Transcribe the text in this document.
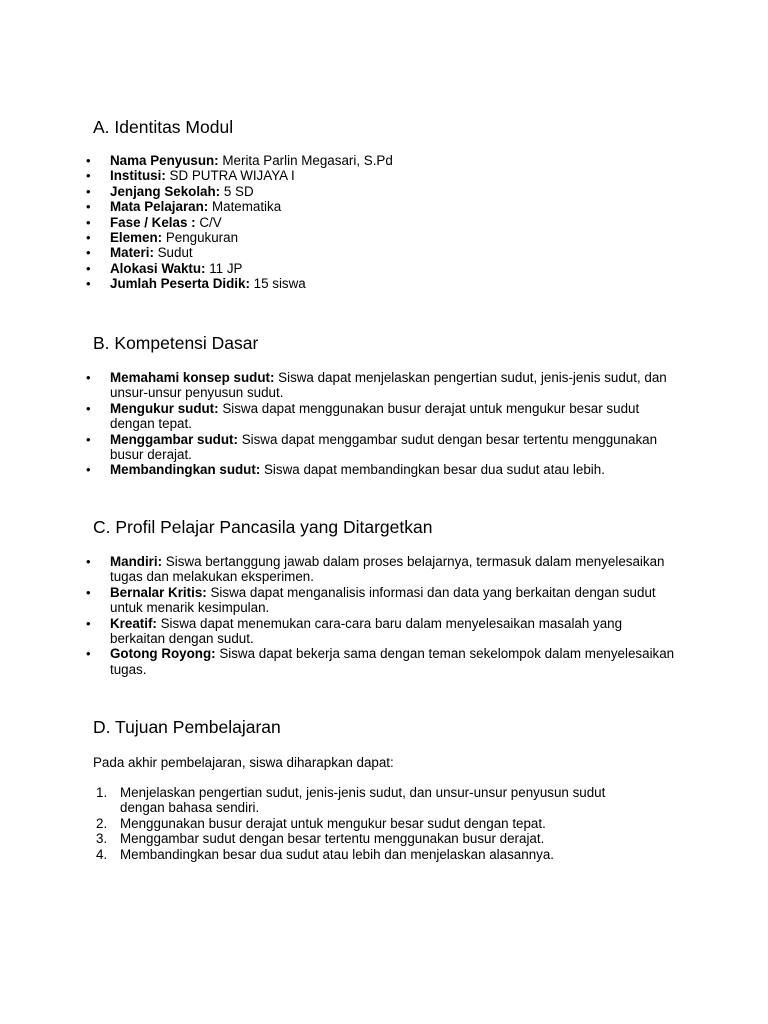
A. Identitas Modul
• Nama Penyusun: Merita Parlin Megasari, S.Pd
• Institusi: SD PUTRA WIJAYA I
• Jenjang Sekolah: 5 SD
• Mata Pelajaran: Matematika
• Fase / Kelas : C/V
• Elemen: Pengukuran
• Materi: Sudut
• Alokasi Waktu: 11 JP
• Jumlah Peserta Didik: 15 siswa
B. Kompetensi Dasar
• Memahami konsep sudut: Siswa dapat menjelaskan pengertian sudut, jenis-jenis sudut, dan unsur-unsur penyusun sudut.
• Mengukur sudut: Siswa dapat menggunakan busur derajat untuk mengukur besar sudut dengan tepat.
• Menggambar sudut: Siswa dapat menggambar sudut dengan besar tertentu menggunakan busur derajat.
• Membandingkan sudut: Siswa dapat membandingkan besar dua sudut atau lebih.
C. Profil Pelajar Pancasila yang Ditargetkan
• Mandiri: Siswa bertanggung jawab dalam proses belajarnya, termasuk dalam menyelesaikan tugas dan melakukan eksperimen.
• Bernalar Kritis: Siswa dapat menganalisis informasi dan data yang berkaitan dengan sudut untuk menarik kesimpulan.
• Kreatif: Siswa dapat menemukan cara-cara baru dalam menyelesaikan masalah yang berkaitan dengan sudut.
• Gotong Royong: Siswa dapat bekerja sama dengan teman sekelompok dalam menyelesaikan tugas.
D. Tujuan Pembelajaran

Pada akhir pembelajaran, siswa diharapkan dapat:

1. Menjelaskan pengertian sudut, jenis-jenis sudut, dan unsur-unsur penyusun sudut dengan bahasa sendiri.
2. Menggunakan busur derajat untuk mengukur besar sudut dengan tepat.
3. Menggambar sudut dengan besar tertentu menggunakan busur derajat.
4. Membandingkan besar dua sudut atau lebih dan menjelaskan alasannya.
